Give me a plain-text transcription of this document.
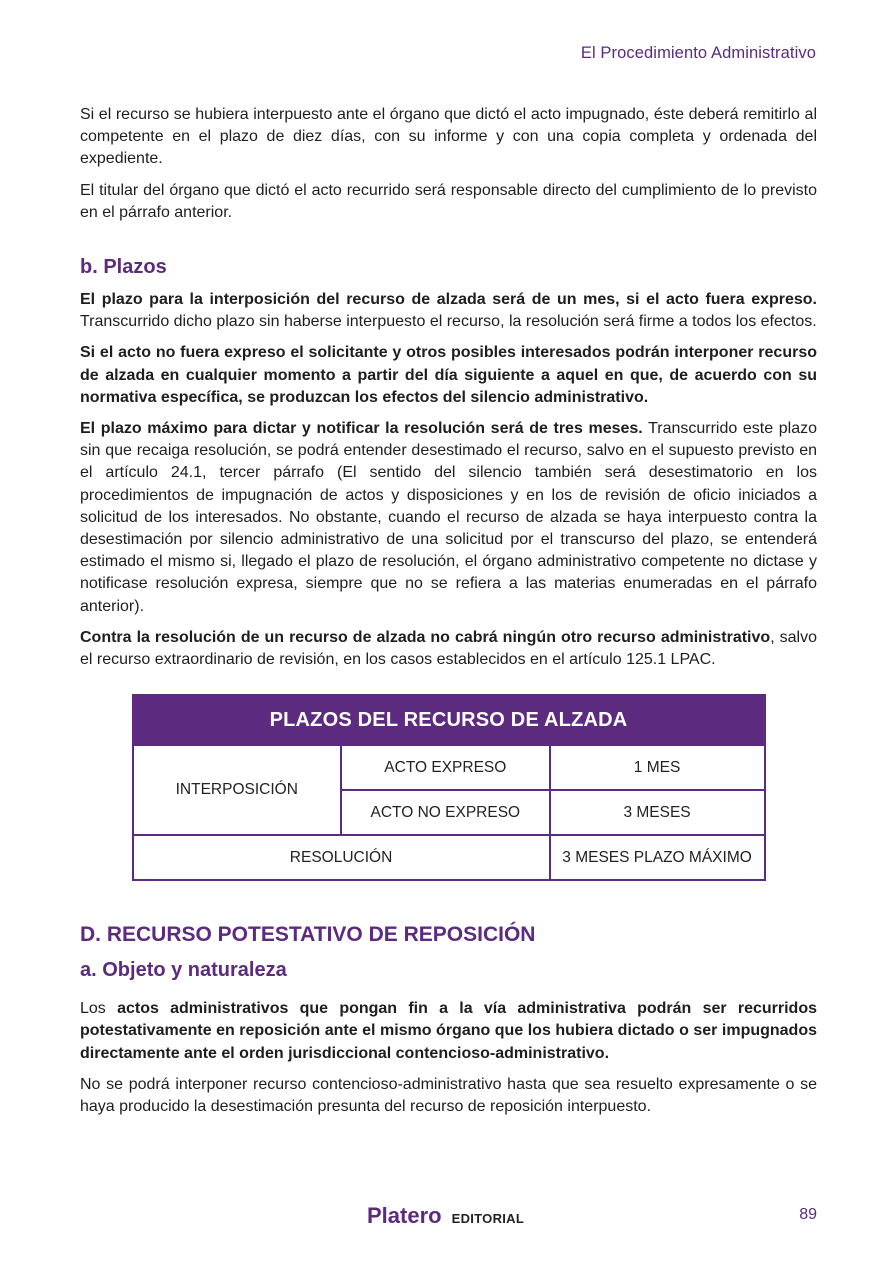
El Procedimiento Administrativo

Si el recurso se hubiera interpuesto ante el órgano que dictó el acto impugnado, éste deberá remitirlo al competente en el plazo de diez días, con su informe y con una copia completa y ordenada del expediente.

El titular del órgano que dictó el acto recurrido será responsable directo del cumplimiento de lo previsto en el párrafo anterior.

b. Plazos

El plazo para la interposición del recurso de alzada será de un mes, si el acto fuera expreso. Transcurrido dicho plazo sin haberse interpuesto el recurso, la resolución será firme a todos los efectos.

Si el acto no fuera expreso el solicitante y otros posibles interesados podrán interponer recurso de alzada en cualquier momento a partir del día siguiente a aquel en que, de acuerdo con su normativa específica, se produzcan los efectos del silencio administrativo.

El plazo máximo para dictar y notificar la resolución será de tres meses. Transcurrido este plazo sin que recaiga resolución, se podrá entender desestimado el recurso, salvo en el supuesto previsto en el artículo 24.1, tercer párrafo (El sentido del silencio también será desestimatorio en los procedimientos de impugnación de actos y disposiciones y en los de revisión de oficio iniciados a solicitud de los interesados. No obstante, cuando el recurso de alzada se haya interpuesto contra la desestimación por silencio administrativo de una solicitud por el transcurso del plazo, se entenderá estimado el mismo si, llegado el plazo de resolución, el órgano administrativo competente no dictase y notificase resolución expresa, siempre que no se refiera a las materias enumeradas en el párrafo anterior).

Contra la resolución de un recurso de alzada no cabrá ningún otro recurso administrativo, salvo el recurso extraordinario de revisión, en los casos establecidos en el artículo 125.1 LPAC.

PLAZOS DEL RECURSO DE ALZADA		
INTERPOSICIÓN	ACTO EXPRESO	1 MES
	ACTO NO EXPRESO	3 MESES
RESOLUCIÓN		3 MESES PLAZO MÁXIMO
D. RECURSO POTESTATIVO DE REPOSICIÓN
a. Objeto y naturaleza

Los actos administrativos que pongan fin a la vía administrativa podrán ser recurridos potestativamente en reposición ante el mismo órgano que los hubiera dictado o ser impugnados directamente ante el orden jurisdiccional contencioso-administrativo.

No se podrá interponer recurso contencioso-administrativo hasta que sea resuelto expresamente o se haya producido la desestimación presunta del recurso de reposición interpuesto.

Platero EDITORIAL	89
